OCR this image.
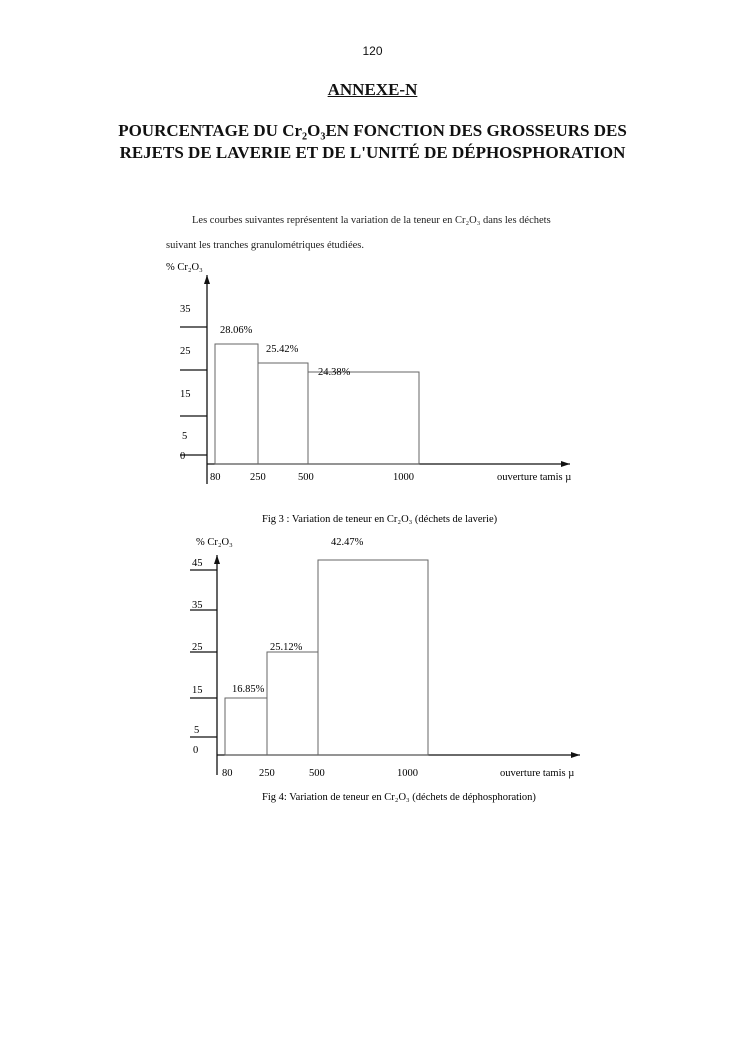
120
ANNEXE-N
POURCENTAGE DU Cr₂O₃EN FONCTION DES GROSSEURS DES REJETS DE LAVERIE ET DE L'UNITÉ DE DÉPHOSPHORATION
Les courbes suivantes représentent la variation de la teneur en Cr₂O₃ dans les déchets
suivant les tranches granulométriques étudiées.
35
25
15
5
0
% Cr₂O₃
80	250	500	1000	ouverture tamis µ
28.06%
25.42%
24.38%
Fig 3 : Variation de teneur en Cr₂O₃ (déchets de laverie)
45
35
25
15
5
0
% Cr₂O₃
80	250	500	1000	ouverture tamis µ
16.85%
25.12%
42.47%
Fig 4: Variation de teneur en Cr₂O₃ (déchets de déphosphoration)
